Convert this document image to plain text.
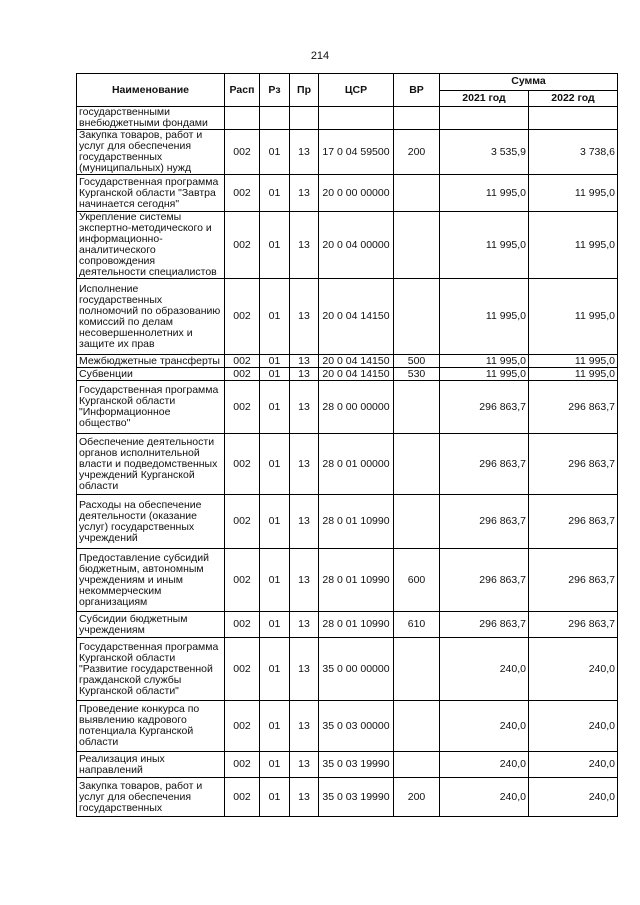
214
Наименование	Расп	Рз	Пр	ЦСР	ВР	Сумма	
						2021 год	2022 год
государственными внебюджетными фондами							
Закупка товаров, работ и услуг для обеспечения государственных (муниципальных) нужд	002	01	13	17 0 04 59500	200	3 535,9	3 738,6
Государственная программа Курганской области "Завтра начинается сегодня"	002	01	13	20 0 00 00000		11 995,0	11 995,0
Укрепление системы экспертно-методического и информационно-аналитического сопровождения деятельности специалистов	002	01	13	20 0 04 00000		11 995,0	11 995,0
Исполнение государственных полномочий по образованию комиссий по делам несовершеннолетних и защите их прав	002	01	13	20 0 04 14150		11 995,0	11 995,0
Межбюджетные трансферты	002	01	13	20 0 04 14150	500	11 995,0	11 995,0
Субвенции	002	01	13	20 0 04 14150	530	11 995,0	11 995,0
Государственная программа Курганской области "Информационное общество"	002	01	13	28 0 00 00000		296 863,7	296 863,7
Обеспечение деятельности органов исполнительной власти и подведомственных учреждений Курганской области	002	01	13	28 0 01 00000		296 863,7	296 863,7
Расходы на обеспечение деятельности (оказание услуг) государственных учреждений	002	01	13	28 0 01 10990		296 863,7	296 863,7
Предоставление субсидий бюджетным, автономным учреждениям и иным некоммерческим организациям	002	01	13	28 0 01 10990	600	296 863,7	296 863,7
Субсидии бюджетным учреждениям	002	01	13	28 0 01 10990	610	296 863,7	296 863,7
Государственная программа Курганской области "Развитие государственной гражданской службы Курганской области"	002	01	13	35 0 00 00000		240,0	240,0
Проведение конкурса по выявлению кадрового потенциала Курганской области	002	01	13	35 0 03 00000		240,0	240,0
Реализация иных направлений	002	01	13	35 0 03 19990		240,0	240,0
Закупка товаров, работ и услуг для обеспечения государственных	002	01	13	35 0 03 19990	200	240,0	240,0
